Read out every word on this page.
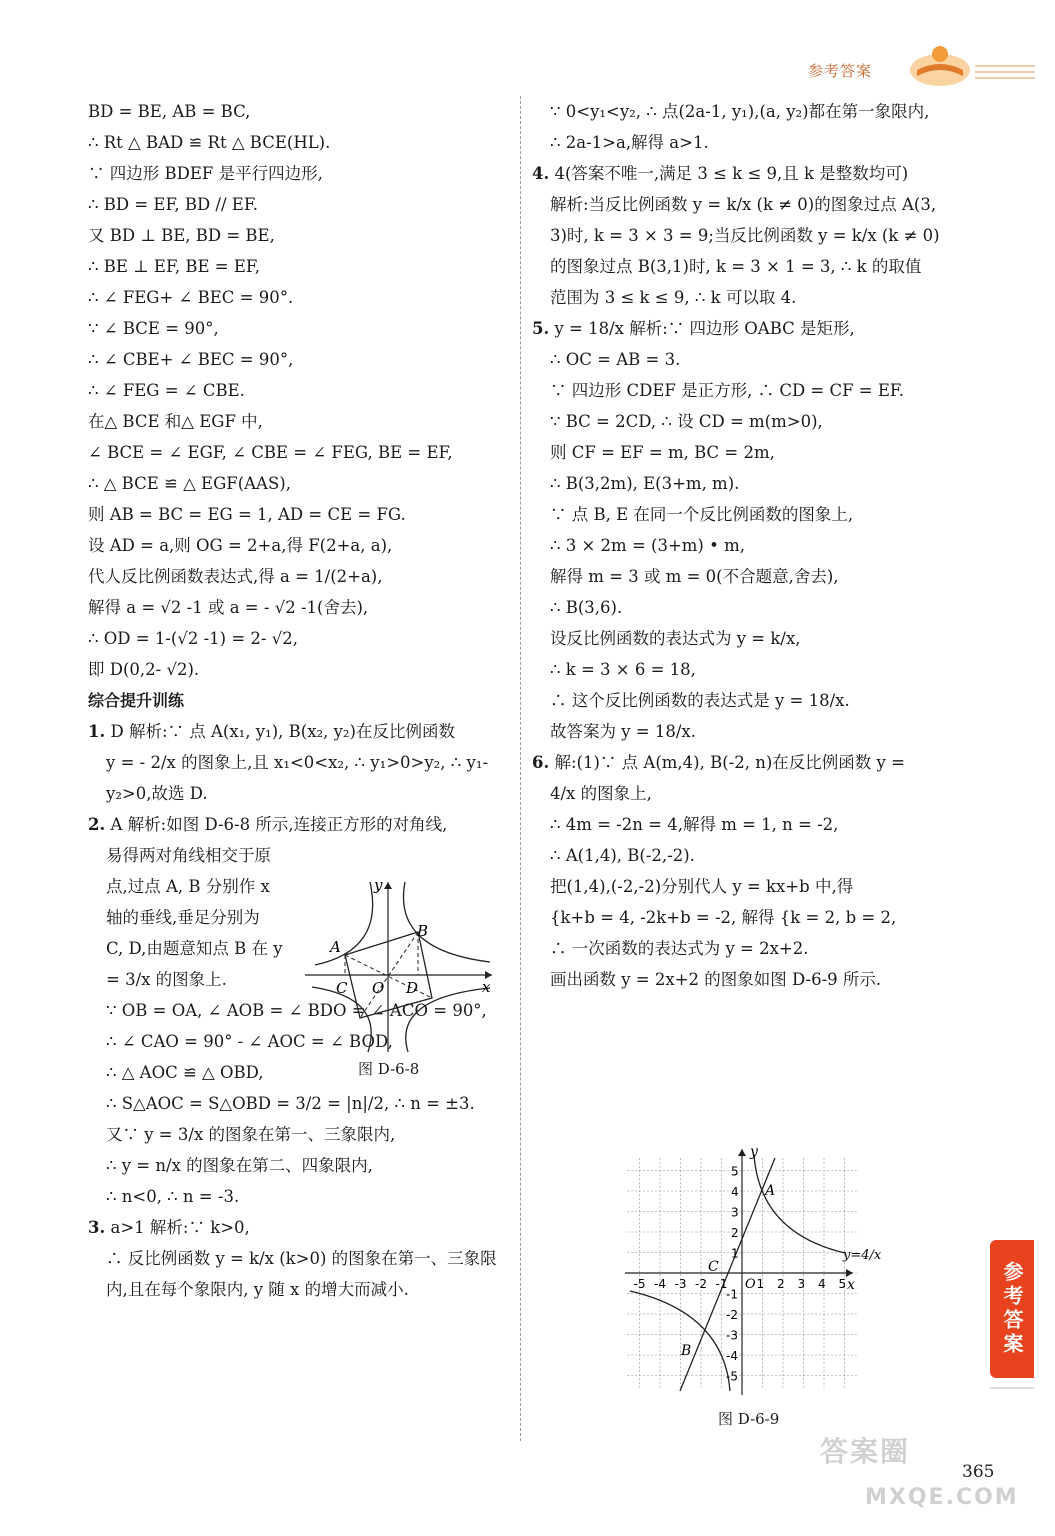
参考答案
BD = BE, AB = BC,
∴ Rt △ BAD ≌ Rt △ BCE(HL).
∵ 四边形 BDEF 是平行四边形,
∴ BD = EF, BD // EF.
又 BD ⊥ BE, BD = BE,
∴ BE ⊥ EF, BE = EF,
∴ ∠ FEG+ ∠ BEC = 90°.
∵ ∠ BCE = 90°,
∴ ∠ CBE+ ∠ BEC = 90°,
∴ ∠ FEG = ∠ CBE.
在△ BCE 和△ EGF 中,
∠ BCE = ∠ EGF, ∠ CBE = ∠ FEG, BE = EF,
∴ △ BCE ≌ △ EGF(AAS),
则 AB = BC = EG = 1, AD = CE = FG.
设 AD = a,则 OG = 2+a,得 F(2+a, a),
代人反比例函数表达式,得 a = 1/(2+a),
解得 a = √2 -1 或 a = - √2 -1(舍去),
∴ OD = 1-(√2 -1) = 2- √2,
即 D(0,2- √2).
综合提升训练
1. D 解析:∵ 点 A(x₁, y₁), B(x₂, y₂)在反比例函数
y = - 2/x 的图象上,且 x₁<0<x₂, ∴ y₁>0>y₂, ∴ y₁-
y₂>0,故选 D.
2. A 解析:如图 D-6-8 所示,连接正方形的对角线,
易得两对角线相交于原
点,过点 A, B 分别作 x
轴的垂线,垂足分别为
C, D,由题意知点 B 在 y
= 3/x 的图象上.
∵ OB = OA, ∠ AOB = ∠ BDO = ∠ ACO = 90°,
∴ ∠ CAO = 90° - ∠ AOC = ∠ BOD,
∴ △ AOC ≌ △ OBD,
∴ S△AOC = S△OBD = 3/2 = |n|/2, ∴ n = ±3.
又∵ y = 3/x 的图象在第一、三象限内,
∴ y = n/x 的图象在第二、四象限内,
∴ n<0, ∴ n = -3.
3. a>1 解析:∵ k>0,
∴ 反比例函数 y = k/x (k>0) 的图象在第一、三象限
内,且在每个象限内, y 随 x 的增大而减小.
y
x
A
B
C O D
图 D-6-8
∵ 0<y₁<y₂, ∴ 点(2a-1, y₁),(a, y₂)都在第一象限内,
∴ 2a-1>a,解得 a>1.
4. 4(答案不唯一,满足 3 ≤ k ≤ 9,且 k 是整数均可)
解析:当反比例函数 y = k/x (k ≠ 0)的图象过点 A(3,
3)时, k = 3 × 3 = 9;当反比例函数 y = k/x (k ≠ 0)
的图象过点 B(3,1)时, k = 3 × 1 = 3, ∴ k 的取值
范围为 3 ≤ k ≤ 9, ∴ k 可以取 4.
5. y = 18/x 解析:∵ 四边形 OABC 是矩形,
∴ OC = AB = 3.
∵ 四边形 CDEF 是正方形, ∴ CD = CF = EF.
∵ BC = 2CD, ∴ 设 CD = m(m>0),
则 CF = EF = m, BC = 2m,
∴ B(3,2m), E(3+m, m).
∵ 点 B, E 在同一个反比例函数的图象上,
∴ 3 × 2m = (3+m) • m,
解得 m = 3 或 m = 0(不合题意,舍去),
∴ B(3,6).
设反比例函数的表达式为 y = k/x,
∴ k = 3 × 6 = 18,
∴ 这个反比例函数的表达式是 y = 18/x.
故答案为 y = 18/x.
6. 解:(1)∵ 点 A(m,4), B(-2, n)在反比例函数 y =
4/x 的图象上,
∴ 4m = -2n = 4,解得 m = 1, n = -2,
∴ A(1,4), B(-2,-2).
把(1,4),(-2,-2)分别代人 y = kx+b 中,得
{k+b = 4, -2k+b = -2, 解得 {k = 2, b = 2,
∴ 一次函数的表达式为 y = 2x+2.
画出函数 y = 2x+2 的图象如图 D-6-9 所示.
y
x
A
B
C
O
y=4/x
-5 -4 -3 -2 -1 1 2 3 4 5
5
4
3
2
1
-1
-2
-3
-4
-5
图 D-6-9
参考答案
答案圈
MXQE.COM
365
